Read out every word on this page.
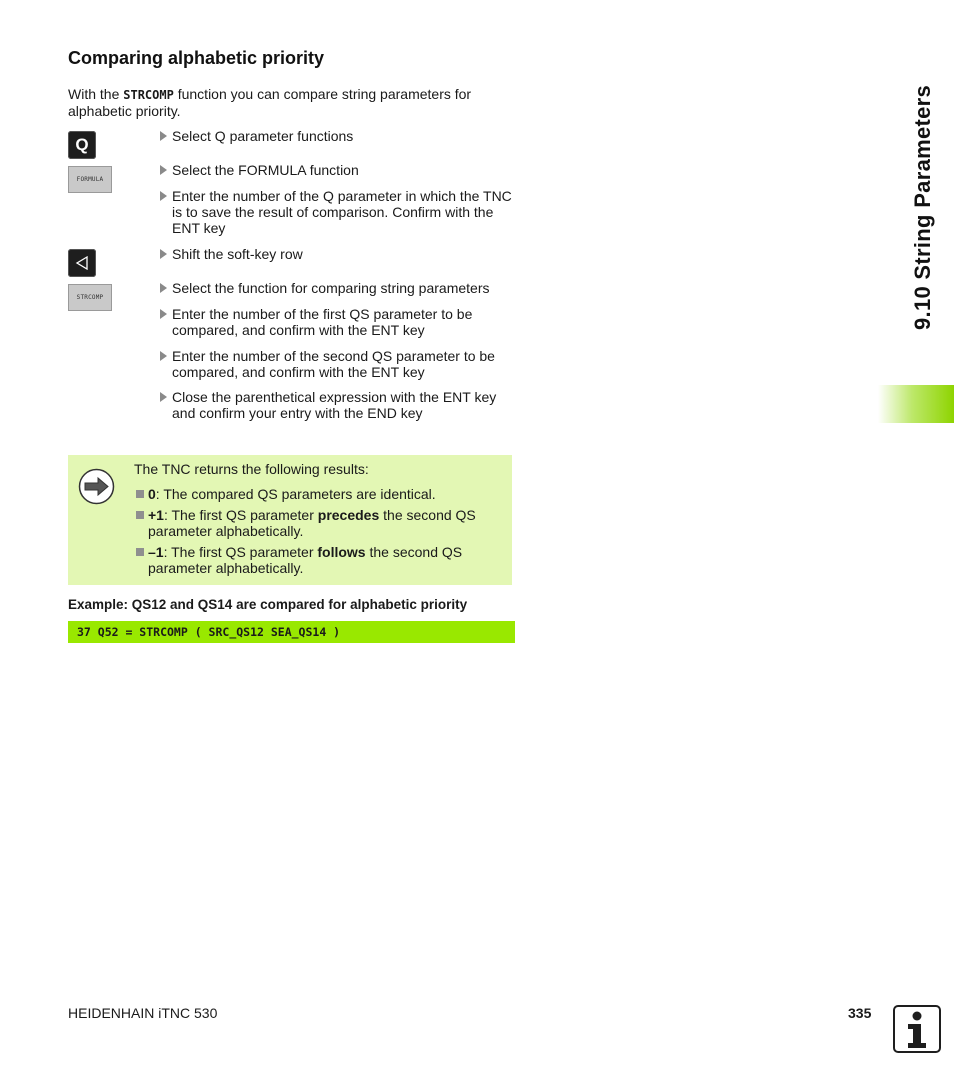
Comparing alphabetic priority
With the STRCOMP function you can compare string parameters for alphabetic priority.
Q
FORMULA
STRCOMP
Select Q parameter functions
Select the FORMULA function
Enter the number of the Q parameter in which the TNC is to save the result of comparison. Confirm with the ENT key
Shift the soft-key row
Select the function for comparing string parameters
Enter the number of the first QS parameter to be compared, and confirm with the ENT key
Enter the number of the second QS parameter to be compared, and confirm with the ENT key
Close the parenthetical expression with the ENT key and confirm your entry with the END key
The TNC returns the following results:
0: The compared QS parameters are identical.
+1: The first QS parameter precedes the second QS parameter alphabetically.
–1: The first QS parameter follows the second QS parameter alphabetically.
Example: QS12 and QS14 are compared for alphabetic priority
37 Q52 = STRCOMP ( SRC_QS12 SEA_QS14 )
9.10 String Parameters
HEIDENHAIN iTNC 530	335
